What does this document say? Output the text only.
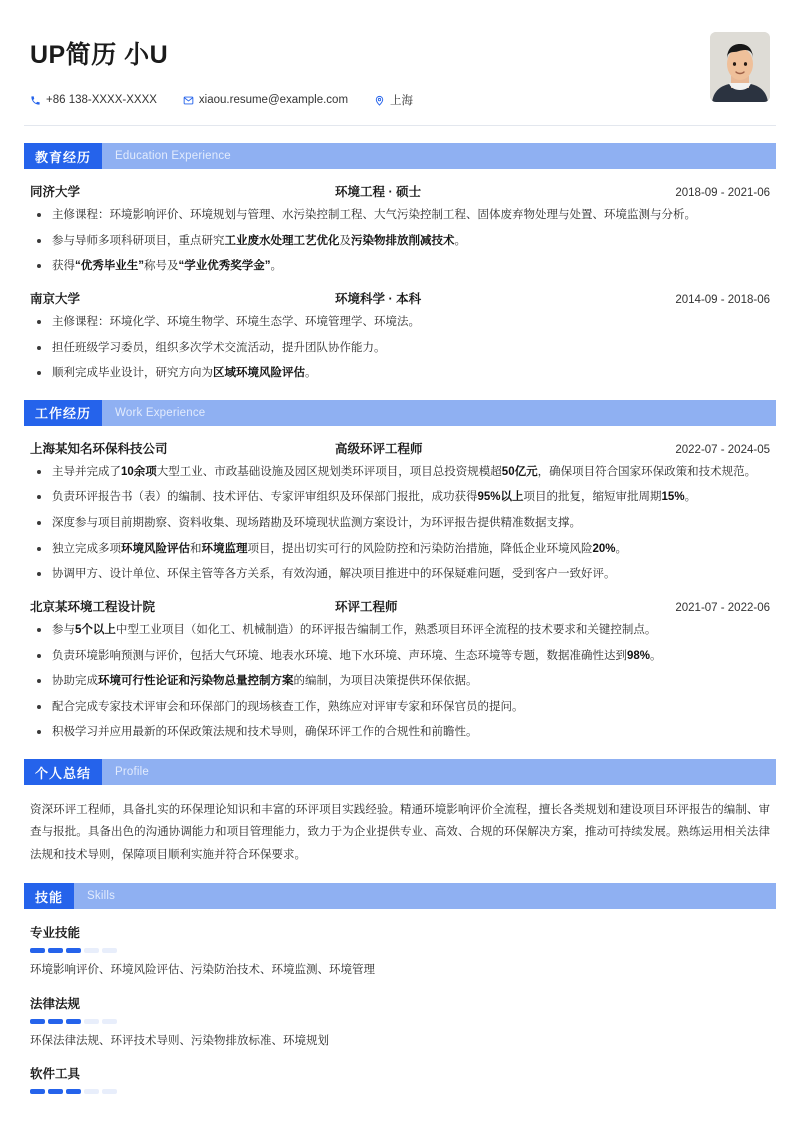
UP简历 小U
+86 138-XXXX-XXXX	xiaou.resume@example.com	上海
教育经历	Education Experience
同济大学	环境工程 · 硕士	2018-09 - 2021-06
主修课程：环境影响评价、环境规划与管理、水污染控制工程、大气污染控制工程、固体废弃物处理与处置、环境监测与分析。
参与导师多项科研项目，重点研究工业废水处理工艺优化及污染物排放削减技术。
获得“优秀毕业生”称号及“学业优秀奖学金”。
南京大学	环境科学 · 本科	2014-09 - 2018-06
主修课程：环境化学、环境生物学、环境生态学、环境管理学、环境法。
担任班级学习委员，组织多次学术交流活动，提升团队协作能力。
顺利完成毕业设计，研究方向为区域环境风险评估。
工作经历	Work Experience
上海某知名环保科技公司	高级环评工程师	2022-07 - 2024-05
主导并完成了10余项大型工业、市政基础设施及园区规划类环评项目，项目总投资规模超50亿元，确保项目符合国家环保政策和技术规范。
负责环评报告书（表）的编制、技术评估、专家评审组织及环保部门报批，成功获得95%以上项目的批复，缩短审批周期15%。
深度参与项目前期勘察、资料收集、现场踏勘及环境现状监测方案设计，为环评报告提供精准数据支撑。
独立完成多项环境风险评估和环境监理项目，提出切实可行的风险防控和污染防治措施，降低企业环境风险20%。
协调甲方、设计单位、环保主管等各方关系，有效沟通，解决项目推进中的环保疑难问题，受到客户一致好评。
北京某环境工程设计院	环评工程师	2021-07 - 2022-06
参与5个以上中型工业项目（如化工、机械制造）的环评报告编制工作，熟悉项目环评全流程的技术要求和关键控制点。
负责环境影响预测与评价，包括大气环境、地表水环境、地下水环境、声环境、生态环境等专题，数据准确性达到98%。
协助完成环境可行性论证和污染物总量控制方案的编制，为项目决策提供环保依据。
配合完成专家技术评审会和环保部门的现场核查工作，熟练应对评审专家和环保官员的提问。
积极学习并应用最新的环保政策法规和技术导则，确保环评工作的合规性和前瞻性。
个人总结	Profile
资深环评工程师，具备扎实的环保理论知识和丰富的环评项目实践经验。精通环境影响评价全流程，擅长各类规划和建设项目环评报告的编制、审查与报批。具备出色的沟通协调能力和项目管理能力，致力于为企业提供专业、高效、合规的环保解决方案，推动可持续发展。熟练运用相关法律法规和技术导则，保障项目顺利实施并符合环保要求。
技能	Skills
专业技能
环境影响评价、环境风险评估、污染防治技术、环境监测、环境管理
法律法规
环保法律法规、环评技术导则、污染物排放标准、环境规划
软件工具
